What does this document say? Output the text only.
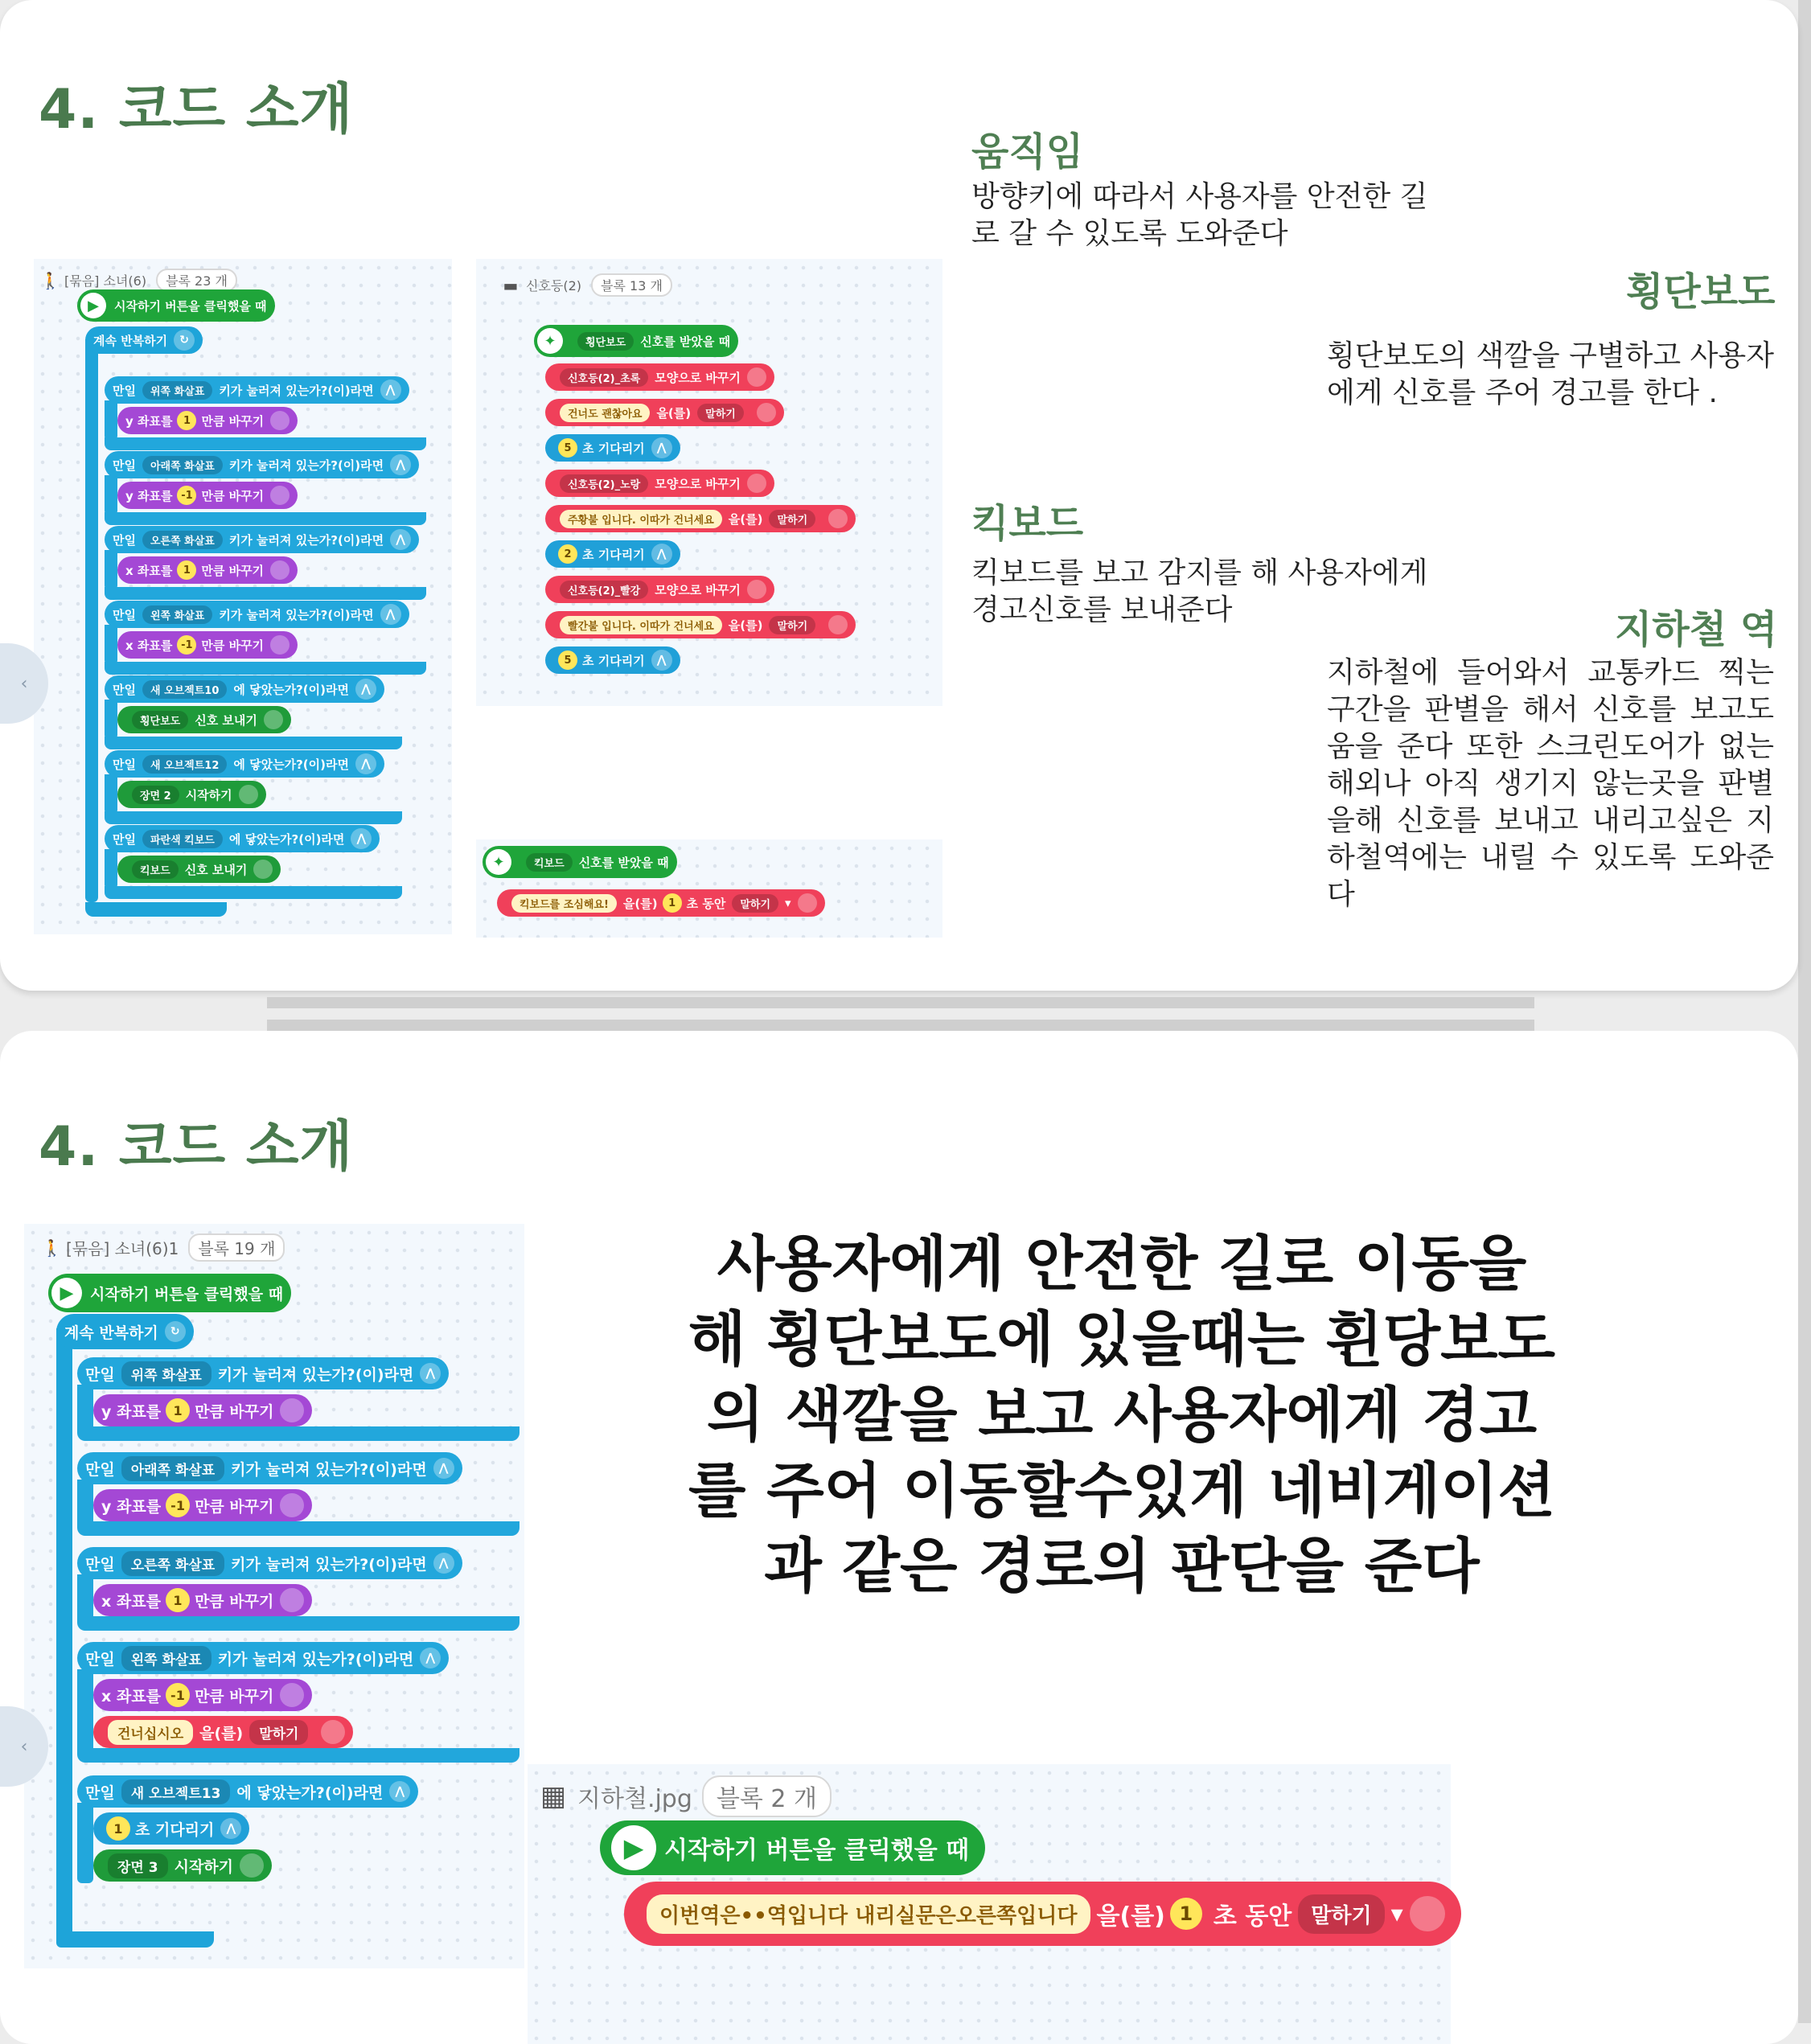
4. 코드 소개
🚶 [묶음] 소녀(6)	블록 23 개
▶	시작하기 버튼을 클릭했을 때
계속 반복하기	↻
만일	위쪽 화살표	키가 눌러져 있는가? (이)라면	⋀
y 좌표를	1 만큼 바꾸기
만일	아래쪽 화살표	키가 눌러져 있는가? (이)라면	⋀
y 좌표를 -1 만큼 바꾸기
만일	오른쪽 화살표	키가 눌러져 있는가? (이)라면	⋀
x 좌표를	1 만큼 바꾸기
만일	왼쪽 화살표	키가 눌러져 있는가? (이)라면	⋀
x 좌표를 -1 만큼 바꾸기
만일	새 오브젝트10	에 닿았는가? (이)라면	⋀
횡단보도	신호 보내기
만일	새 오브젝트12	에 닿았는가? (이)라면	⋀
장면 2	시작하기
만일	파란색 킥보드	에 닿았는가? (이)라면	⋀
킥보드	신호 보내기
▬ 신호등(2)	블록 13 개
✦	횡단보도	신호를 받았을 때
신호등(2)_초록	모양으로 바꾸기
건너도 괜찮아요	을(를)	말하기
5 초 기다리기	⋀
신호등(2)_노랑	모양으로 바꾸기
주황불 입니다. 이따가 건너세요	을(를)	말하기
2 초 기다리기	⋀
신호등(2)_빨강	모양으로 바꾸기
빨간불 입니다. 이따가 건너세요	을(를)	말하기
5 초 기다리기	⋀
✦	킥보드	신호를 받았을 때
킥보드를 조심해요!	을(를)	1 초 동안	말하기	▾
‹
움직임
방향키에 따라서 사용자를 안전한 길
로 갈 수 있도록 도와준다
횡단보도
횡단보도의 색깔을 구별하고 사용자
에게 신호를 주어 경고를 한다 .
킥보드
킥보드를 보고 감지를 해 사용자에게
경고신호를 보내준다	지하철 역
지하철에 들어와서 교통카드 찍는
구간을 판별을 해서 신호를 보고도
움을 준다 또한 스크린도어가 없는
해외나 아직 생기지 않는곳을 판별
을해 신호를 보내고 내리고싶은 지
하철역에는 내릴 수 있도록 도와준
다
4. 코드 소개
🚶 [묶음] 소녀(6)1	블록 19 개
▶	시작하기 버튼을 클릭했을 때
계속 반복하기	↻
만일	위쪽 화살표	키가 눌러져 있는가? (이)라면	⋀
y 좌표를 1 만큼 바꾸기
만일	아래쪽 화살표	키가 눌러져 있는가? (이)라면	⋀
y 좌표를 -1 만큼 바꾸기
만일	오른쪽 화살표	키가 눌러져 있는가? (이)라면	⋀
x 좌표를 1 만큼 바꾸기
만일	왼쪽 화살표	키가 눌러져 있는가? (이)라면	⋀
x 좌표를 -1 만큼 바꾸기
건너십시오	을(를)	말하기
만일	새 오브젝트13	에 닿았는가? (이)라면	⋀
1 초 기다리기	⋀
장면 3	시작하기
‹
사용자에게 안전한 길로 이동을
해 횡단보도에 있을때는 휜당보도
의 색깔을 보고 사용자에게 경고
를 주어 이동할수있게 네비게이션
과 같은 경로의 판단을 준다
▦ 지하철.jpg	블록 2 개
▶ 시작하기 버튼을 클릭했을 때
이번역은••역입니다 내리실문은오른쪽입니다 을(를) 1 초 동안 말하기 ▾
